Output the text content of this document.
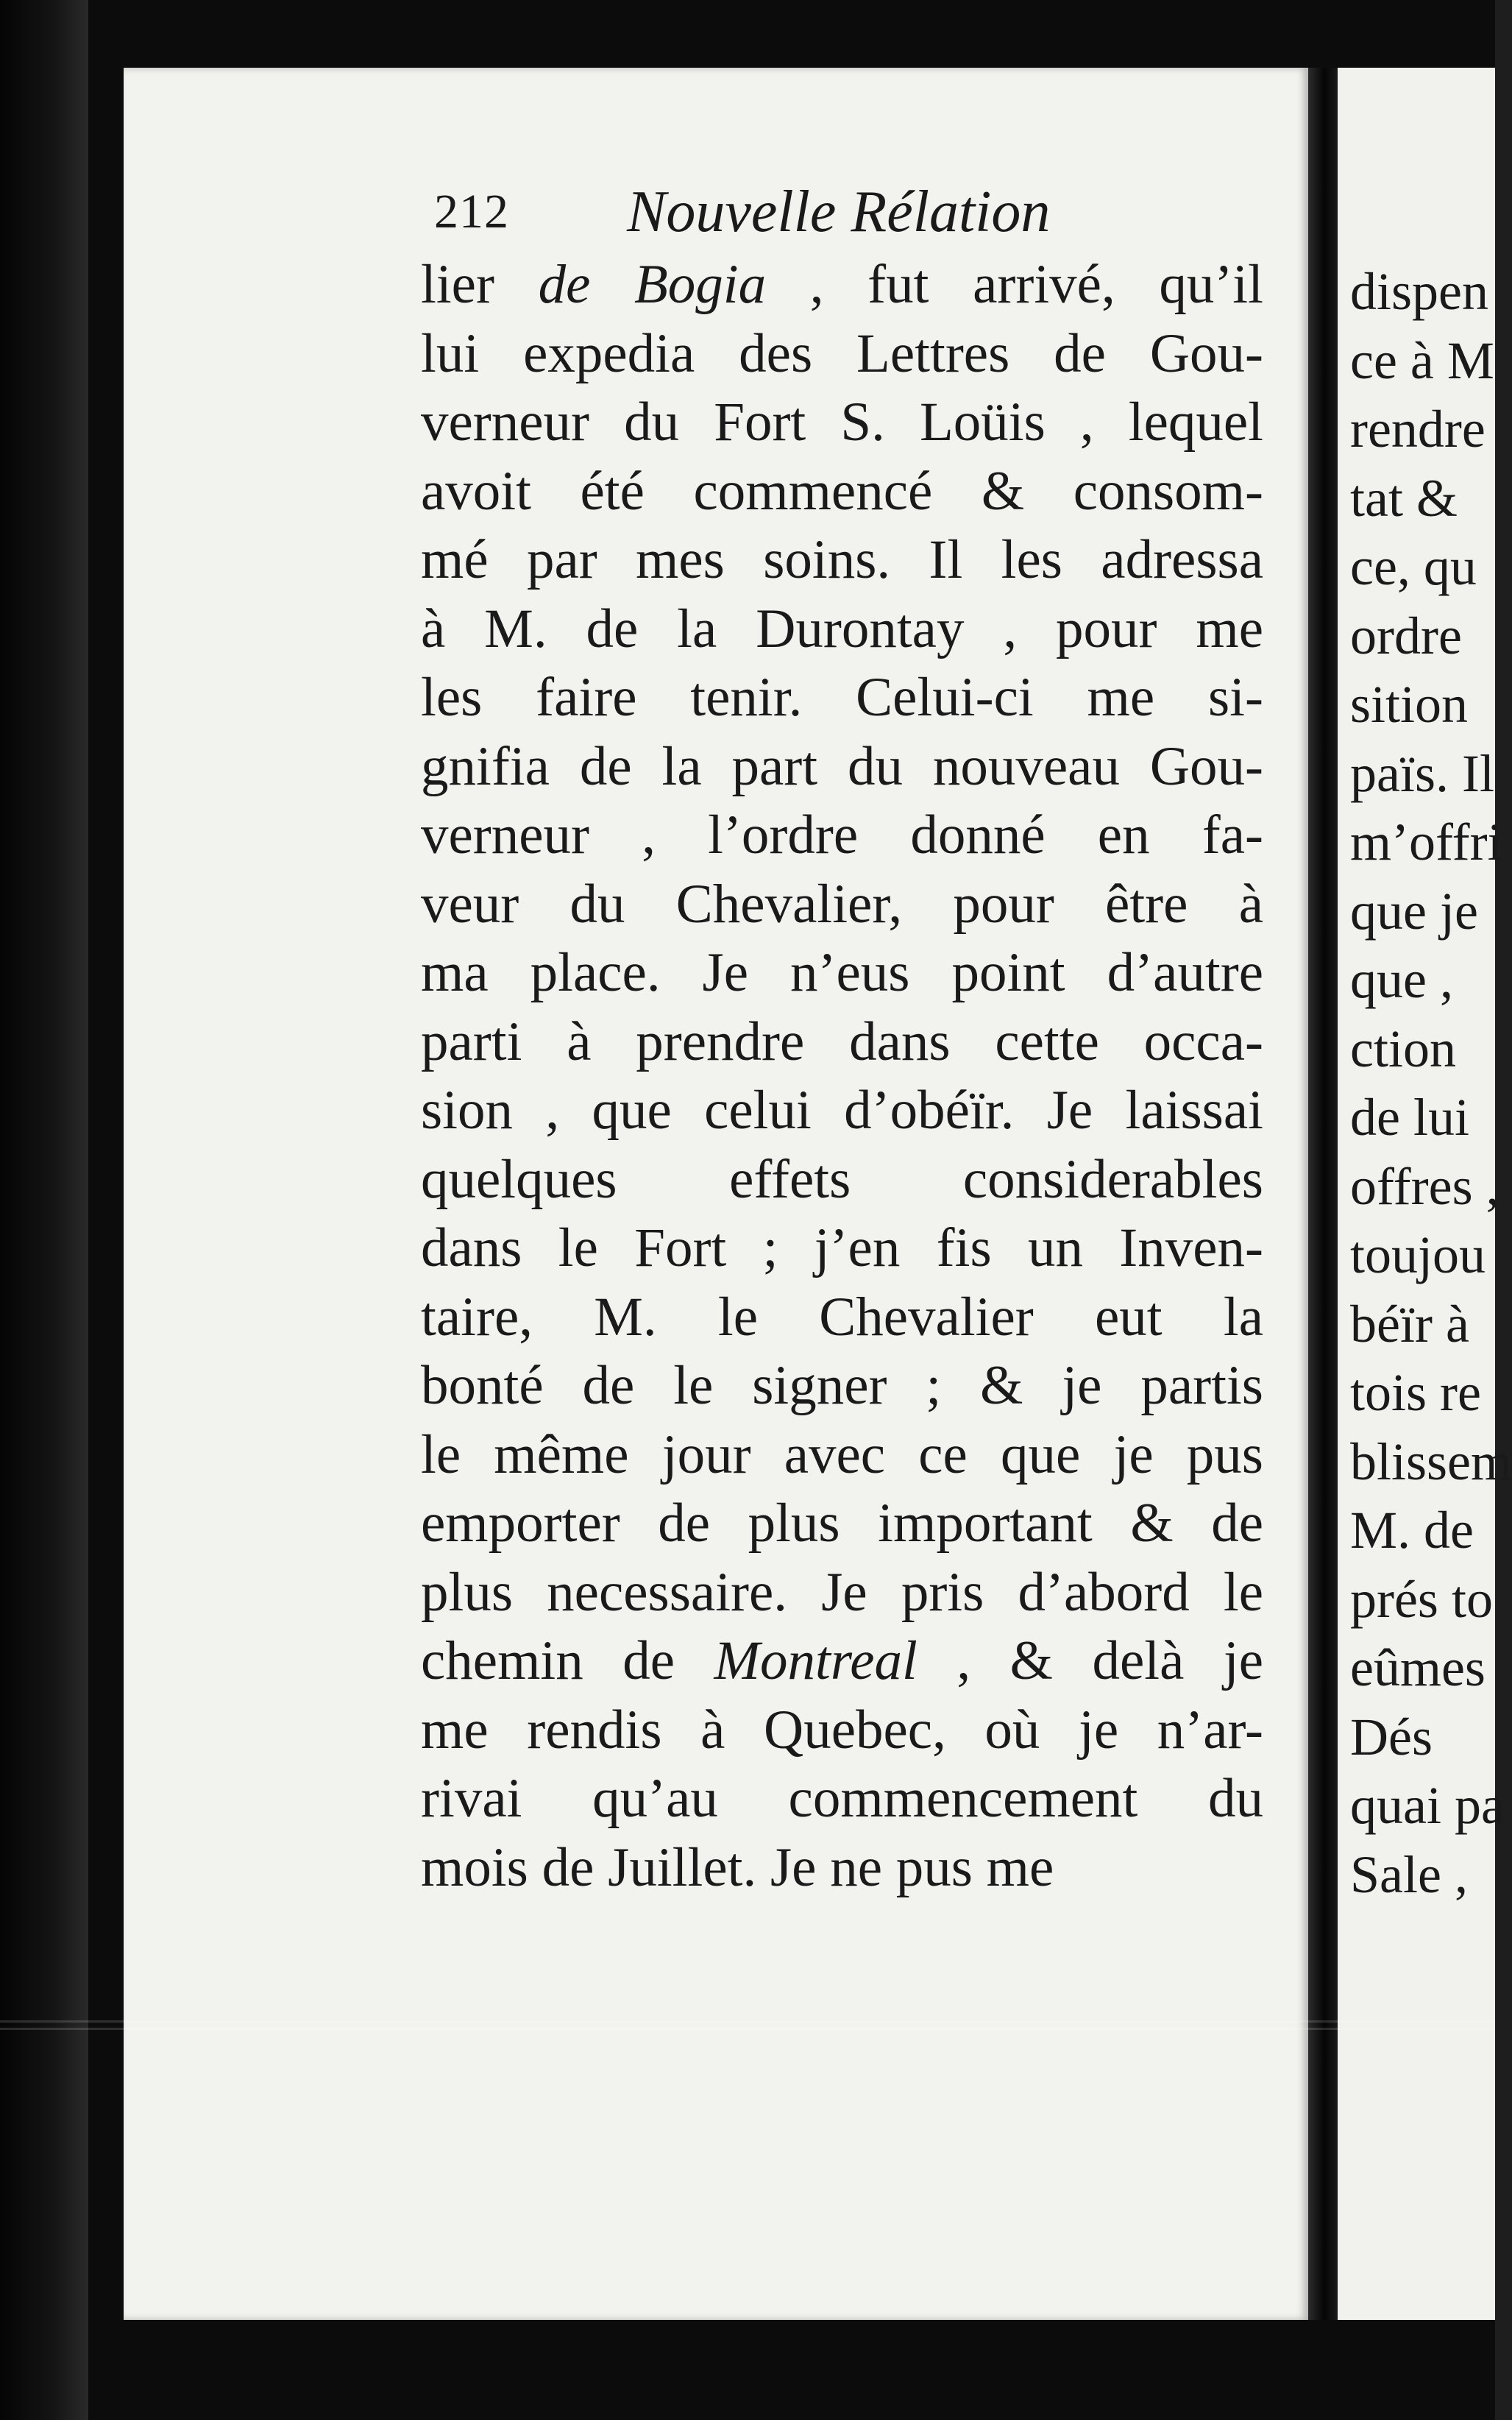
212 Nouvelle Rélation
lier de Bogia , fut arrivé, qu’il
lui expedia des Lettres de Gou-
verneur du Fort S. Loüis , lequel
avoit été commencé & consom-
mé par mes soins. Il les adressa
à M. de la Durontay , pour me
les faire tenir. Celui-ci me si-
gnifia de la part du nouveau Gou-
verneur , l’ordre donné en fa-
veur du Chevalier, pour être à
ma place. Je n’eus point d’autre
parti à prendre dans cette occa-
sion , que celui d’obéïr. Je laissai
quelques effets considerables
dans le Fort ; j’en fis un Inven-
taire, M. le Chevalier eut la
bonté de le signer ; & je partis
le même jour avec ce que je pus
emporter de plus important & de
plus necessaire. Je pris d’abord le
chemin de Montreal , & delà je
me rendis à Quebec, où je n’ar-
rivai qu’au commencement du
mois de Juillet. Je ne pus me
dispen
ce à M
rendre
tat &
ce, qu
ordre
sition
païs. Il
m’offri
que je
que ,
ction
de lui
offres ,
toujou
béïr à
tois re
blissem
M. de
prés to
eûmes
Dés
quai pa
Sale ,
